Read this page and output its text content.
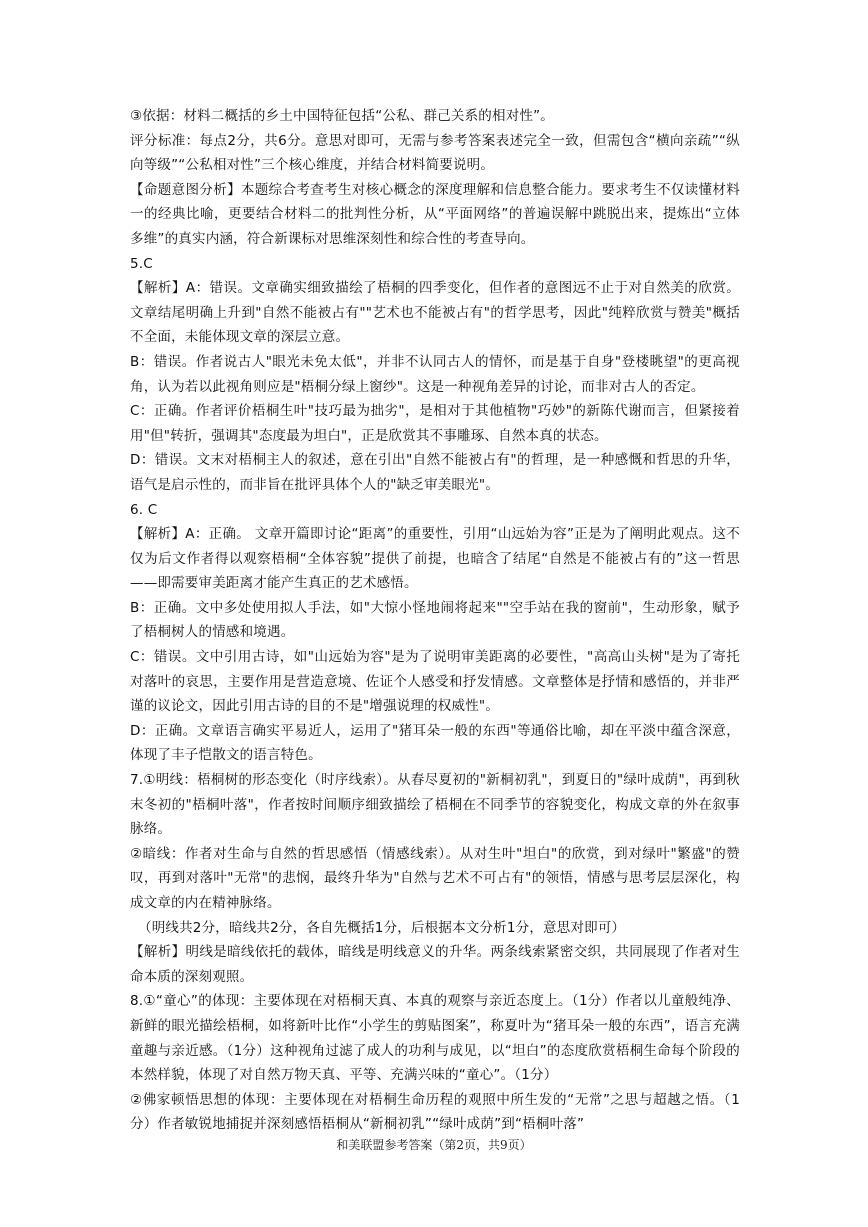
③依据：材料二概括的乡土中国特征包括“公私、群己关系的相对性”。

评分标准：每点2分，共6分。意思对即可，无需与参考答案表述完全一致，但需包含“横向亲疏”“纵向等级”“公私相对性”三个核心维度，并结合材料简要说明。

【命题意图分析】本题综合考查考生对核心概念的深度理解和信息整合能力。要求考生不仅读懂材料一的经典比喻，更要结合材料二的批判性分析，从“平面网络”的普遍误解中跳脱出来，提炼出“立体多维”的真实内涵，符合新课标对思维深刻性和综合性的考查导向。

5.C

【解析】A：错误。文章确实细致描绘了梧桐的四季变化，但作者的意图远不止于对自然美的欣赏。文章结尾明确上升到"自然不能被占有""艺术也不能被占有"的哲学思考，因此"纯粹欣赏与赞美"概括不全面，未能体现文章的深层立意。

B：错误。作者说古人"眼光未免太低"，并非不认同古人的情怀，而是基于自身"登楼眺望"的更高视角，认为若以此视角则应是"梧桐分绿上窗纱"。这是一种视角差异的讨论，而非对古人的否定。

C：正确。作者评价梧桐生叶"技巧最为拙劣"，是相对于其他植物"巧妙"的新陈代谢而言，但紧接着用"但"转折，强调其"态度最为坦白"，正是欣赏其不事雕琢、自然本真的状态。

D：错误。文末对梧桐主人的叙述，意在引出"自然不能被占有"的哲理，是一种感慨和哲思的升华，语气是启示性的，而非旨在批评具体个人的"缺乏审美眼光"。

6. C

【解析】A：正确。 文章开篇即讨论“距离”的重要性，引用“山远始为容”正是为了阐明此观点。这不仅为后文作者得以观察梧桐“全体容貌”提供了前提，也暗含了结尾“自然是不能被占有的”这一哲思——即需要审美距离才能产生真正的艺术感悟。

B：正确。文中多处使用拟人手法，如"大惊小怪地闹将起来""空手站在我的窗前"，生动形象，赋予了梧桐树人的情感和境遇。

C：错误。文中引用古诗，如"山远始为容"是为了说明审美距离的必要性，"高高山头树"是为了寄托对落叶的哀思，主要作用是营造意境、佐证个人感受和抒发情感。文章整体是抒情和感悟的，并非严谨的议论文，因此引用古诗的目的不是"增强说理的权威性"。

D：正确。文章语言确实平易近人，运用了"猪耳朵一般的东西"等通俗比喻，却在平淡中蕴含深意，体现了丰子恺散文的语言特色。

7.①明线：梧桐树的形态变化（时序线索）。从春尽夏初的"新桐初乳"，到夏日的"绿叶成荫"，再到秋末冬初的"梧桐叶落"，作者按时间顺序细致描绘了梧桐在不同季节的容貌变化，构成文章的外在叙事脉络。

②暗线：作者对生命与自然的哲思感悟（情感线索）。从对生叶"坦白"的欣赏，到对绿叶"繁盛"的赞叹，再到对落叶"无常"的悲悯，最终升华为"自然与艺术不可占有"的领悟，情感与思考层层深化，构成文章的内在精神脉络。

（明线共2分，暗线共2分，各自先概括1分，后根据本文分析1分，意思对即可）

【解析】明线是暗线依托的载体，暗线是明线意义的升华。两条线索紧密交织，共同展现了作者对生命本质的深刻观照。

8.①“童心”的体现：主要体现在对梧桐天真、本真的观察与亲近态度上。（1分）作者以儿童般纯净、新鲜的眼光描绘梧桐，如将新叶比作“小学生的剪贴图案”，称夏叶为“猪耳朵一般的东西”，语言充满童趣与亲近感。（1分）这种视角过滤了成人的功利与成见，以“坦白”的态度欣赏梧桐生命每个阶段的本然样貌，体现了对自然万物天真、平等、充满兴味的“童心”。（1分）

②佛家顿悟思想的体现：主要体现在对梧桐生命历程的观照中所生发的“无常”之思与超越之悟。（1分）作者敏锐地捕捉并深刻感悟梧桐从“新桐初乳”“绿叶成荫”到“梧桐叶落”

和美联盟参考答案（第2页，共9页）
